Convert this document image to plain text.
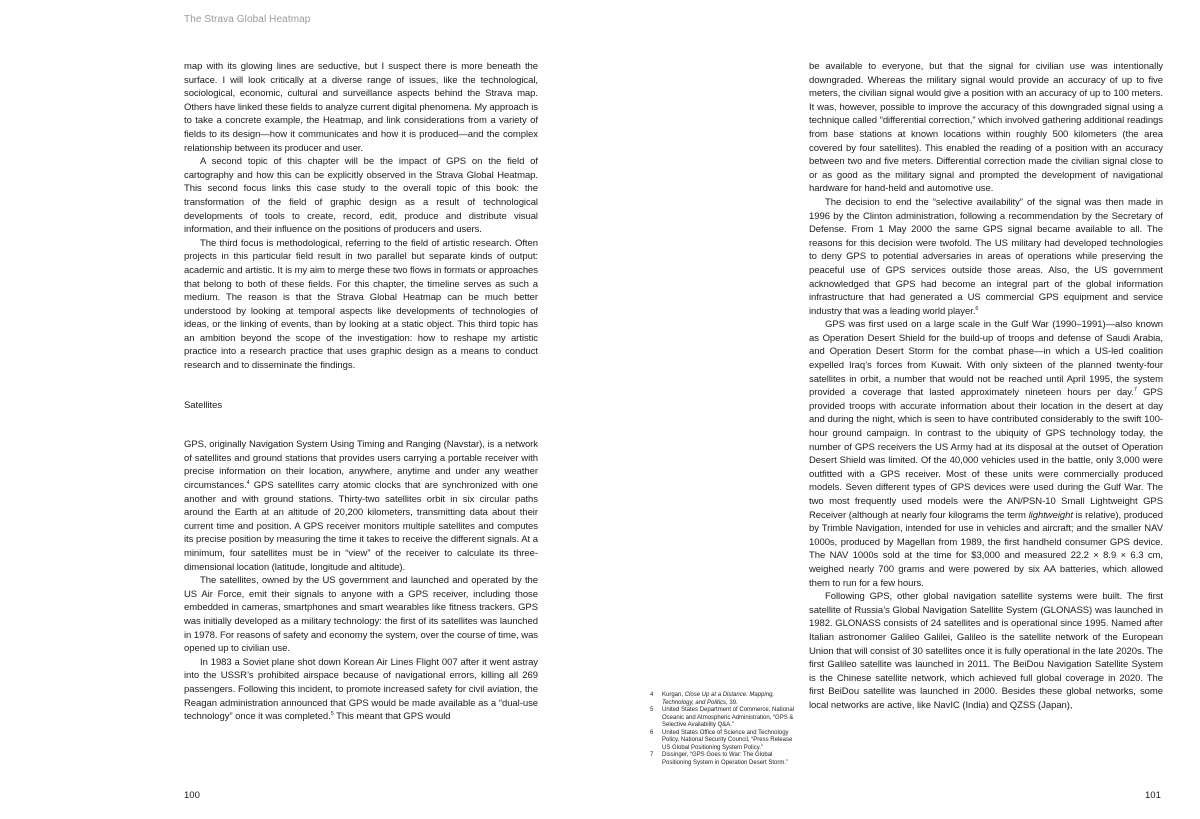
The Strava Global Heatmap

map with its glowing lines are seductive, but I suspect there is more beneath the surface. I will look critically at a diverse range of issues, like the technological, sociological, economic, cultural and surveillance aspects behind the Strava map. Others have linked these fields to analyze current digital phenomena. My approach is to take a concrete example, the Heatmap, and link considerations from a variety of fields to its design—how it communicates and how it is produced—and the complex relationship between its producer and user.

A second topic of this chapter will be the impact of GPS on the field of cartography and how this can be explicitly observed in the Strava Global Heatmap. This second focus links this case study to the overall topic of this book: the transformation of the field of graphic design as a result of technological developments of tools to create, record, edit, produce and distribute visual information, and their influence on the positions of producers and users.

The third focus is methodological, referring to the field of artistic research. Often projects in this particular field result in two parallel but separate kinds of output: academic and artistic. It is my aim to merge these two flows in formats or approaches that belong to both of these fields. For this chapter, the timeline serves as such a medium. The reason is that the Strava Global Heatmap can be much better understood by looking at temporal aspects like developments of technologies of ideas, or the linking of events, than by looking at a static object. This third topic has an ambition beyond the scope of the investigation: how to reshape my artistic practice into a research practice that uses graphic design as a means to conduct research and to disseminate the findings.

Satellites

GPS, originally Navigation System Using Timing and Ranging (Navstar), is a network of satellites and ground stations that provides users carrying a portable receiver with precise information on their location, anywhere, anytime and under any weather circumstances.$^4$ GPS satellites carry atomic clocks that are synchronized with one another and with ground stations. Thirty-two satellites orbit in six circular paths around the Earth at an altitude of 20,200 kilometers, transmitting data about their current time and position. A GPS receiver monitors multiple satellites and computes its precise position by measuring the time it takes to receive the different signals. At a minimum, four satellites must be in “view” of the receiver to calculate its three-dimensional location (latitude, longitude and altitude).

The satellites, owned by the US government and launched and operated by the US Air Force, emit their signals to anyone with a GPS receiver, including those embedded in cameras, smartphones and smart wearables like fitness trackers. GPS was initially developed as a military technology: the first of its satellites was launched in 1978. For reasons of safety and economy the system, over the course of time, was opened up to civilian use.

In 1983 a Soviet plane shot down Korean Air Lines Flight 007 after it went astray into the USSR’s prohibited airspace because of navigational errors, killing all 269 passengers. Following this incident, to promote increased safety for civil aviation, the Reagan administration announced that GPS would be made available as a “dual-use technology” once it was completed.$^5$ This meant that GPS would

be available to everyone, but that the signal for civilian use was intentionally downgraded. Whereas the military signal would provide an accuracy of up to five meters, the civilian signal would give a position with an accuracy of up to 100 meters. It was, however, possible to improve the accuracy of this downgraded signal using a technique called “differential correction,” which involved gathering additional readings from base stations at known locations within roughly 500 kilometers (the area covered by four satellites). This enabled the reading of a position with an accuracy between two and five meters. Differential correction made the civilian signal close to or as good as the military signal and prompted the development of navigational hardware for hand-held and automotive use.

The decision to end the “selective availability” of the signal was then made in 1996 by the Clinton administration, following a recommendation by the Secretary of Defense. From 1 May 2000 the same GPS signal became available to all. The reasons for this decision were twofold. The US military had developed technologies to deny GPS to potential adversaries in areas of operations while preserving the peaceful use of GPS services outside those areas. Also, the US government acknowledged that GPS had become an integral part of the global information infrastructure that had generated a US commercial GPS equipment and service industry that was a leading world player.$^6$

GPS was first used on a large scale in the Gulf War (1990–1991)—also known as Operation Desert Shield for the build-up of troops and defense of Saudi Arabia, and Operation Desert Storm for the combat phase—in which a US-led coalition expelled Iraq’s forces from Kuwait. With only sixteen of the planned twenty-four satellites in orbit, a number that would not be reached until April 1995, the system provided a coverage that lasted approximately nineteen hours per day.$^7$ GPS provided troops with accurate information about their location in the desert at day and during the night, which is seen to have contributed considerably to the swift 100-hour ground campaign. In contrast to the ubiquity of GPS technology today, the number of GPS receivers the US Army had at its disposal at the outset of Operation Desert Shield was limited. Of the 40,000 vehicles used in the battle, only 3,000 were outfitted with a GPS receiver. Most of these units were commercially produced models. Seven different types of GPS devices were used during the Gulf War. The two most frequently used models were the AN/PSN-10 Small Lightweight GPS Receiver (although at nearly four kilograms the term lightweight is relative), produced by Trimble Navigation, intended for use in vehicles and aircraft; and the smaller NAV 1000s, produced by Magellan from 1989, the first handheld consumer GPS device. The NAV 1000s sold at the time for $3,000 and measured 22.2 × 8.9 × 6.3 cm, weighed nearly 700 grams and were powered by six AA batteries, which allowed them to run for a few hours.

Following GPS, other global navigation satellite systems were built. The first satellite of Russia’s Global Navigation Satellite System (GLONASS) was launched in 1982. GLONASS consists of 24 satellites and is operational since 1995. Named after Italian astronomer Galileo Galilei, Galileo is the satellite network of the European Union that will consist of 30 satellites once it is fully operational in the late 2020s. The first Galileo satellite was launched in 2011. The BeiDou Navigation Satellite System is the Chinese satellite network, which achieved full global coverage in 2020. The first BeiDou satellite was launched in 2000. Besides these global networks, some local networks are active, like NavIC (India) and QZSS (Japan),

4	Kurgan, Close Up at a Distance: Mapping, Technology, and Politics, 39.
5	United States Department of Commerce, National Oceanic and Atmospheric Administration, “GPS & Selective Availability Q&A.”
6	United States Office of Science and Technology Policy, National Security Council, “Press Release US Global Positioning System Policy.”
7	Dissinger, “GPS Goes to War: The Global Positioning System in Operation Desert Storm.”
100	101
